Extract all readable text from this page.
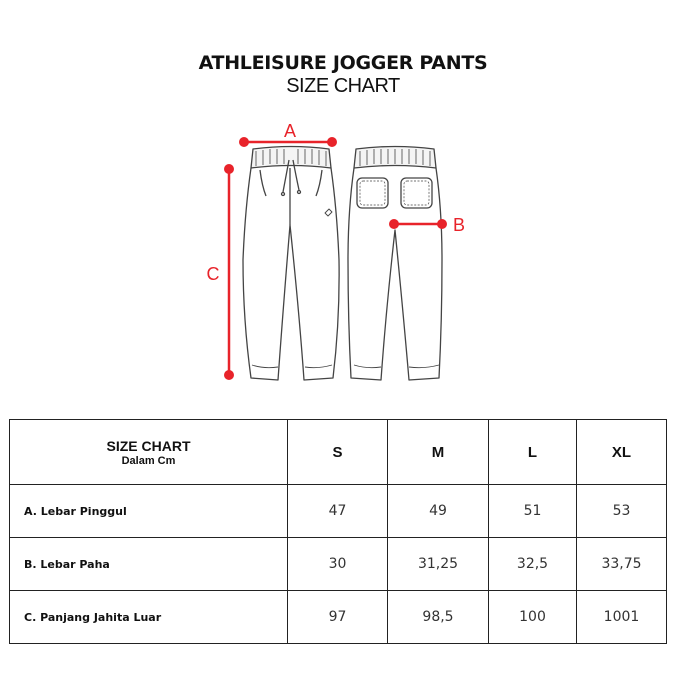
ATHLEISURE JOGGER PANTS
SIZE CHART
A
B
C
SIZE CHART
Dalam Cm	S	M	L	XL
A. Lebar Pinggul	47	49	51	53
B. Lebar Paha	30	31,25	32,5	33,75
C. Panjang Jahita Luar	97	98,5	100	1001
